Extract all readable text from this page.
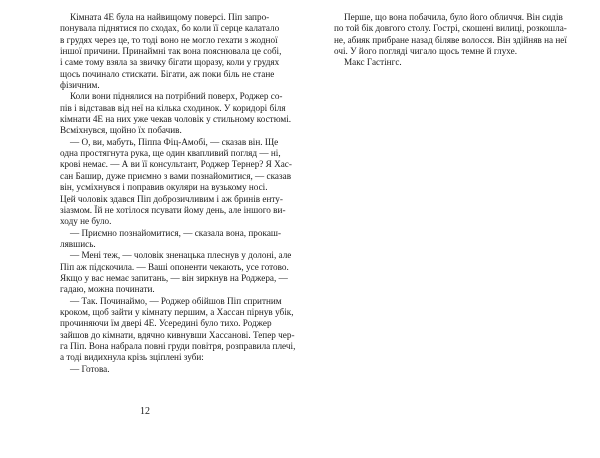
Кімната 4E була на найвищому поверсі. Піп запро-
понувала піднятися по сходах, бо коли її серце калатало
в грудях через це, то тоді воно не могло гехати з жодної
іншої причини. Принаймні так вона пояснювала це собі,
і саме тому взяла за звичку бігати щоразу, коли у грудях
щось починало стискати. Бігати, аж поки біль не стане
фізичним.
Коли вони піднялися на потрібний поверх, Роджер со-
пів і відставав від неї на кілька сходинок. У коридорі біля
кімнати 4E на них уже чекав чоловік у стильному костюмі.
Всміхнувся, щойно їх побачив.
— О, ви, мабуть, Піппа Фіц-Амобі, — сказав він. Ще
одна простягнута рука, ще один квапливий погляд — ні,
крові немає. — А ви її консультант, Роджер Тернер? Я Хас-
сан Башир, дуже приємно з вами познайомитися, — сказав
він, усміхнувся і поправив окуляри на вузькому носі.
Цей чоловік здався Піп доброзичливим і аж бринів енту-
зіазмом. Їй не хотілося псувати йому день, але іншого ви-
ходу не було.
— Приємно познайомитися, — сказала вона, прокаш-
лявшись.
— Мені теж, — чоловік зненацька плеснув у долоні, але
Піп аж підскочила. — Ваші опоненти чекають, усе готово.
Якщо у вас немає запитань, — він зиркнув на Роджера, —
гадаю, можна починати.
— Так. Починаймо, — Роджер обійшов Піп спритним
кроком, щоб зайти у кімнату першим, а Хассан пірнув убік,
прочиняючи їм двері 4E. Усередині було тихо. Роджер
зайшов до кімнати, вдячно кивнувши Хассанові. Тепер чер-
га Піп. Вона набрала повні груди повітря, розправила плечі,
а тоді видихнула крізь зціплені зуби:
— Готова.
12
Перше, що вона побачила, було його обличчя. Він сидів
по той бік довгого столу. Гострі, скошені вилиці, розкошла-
не, абияк прибране назад біляве волосся. Він здійняв на неї
очі. У його погляді чигало щось темне й глухе.
Макс Гастінгс.
